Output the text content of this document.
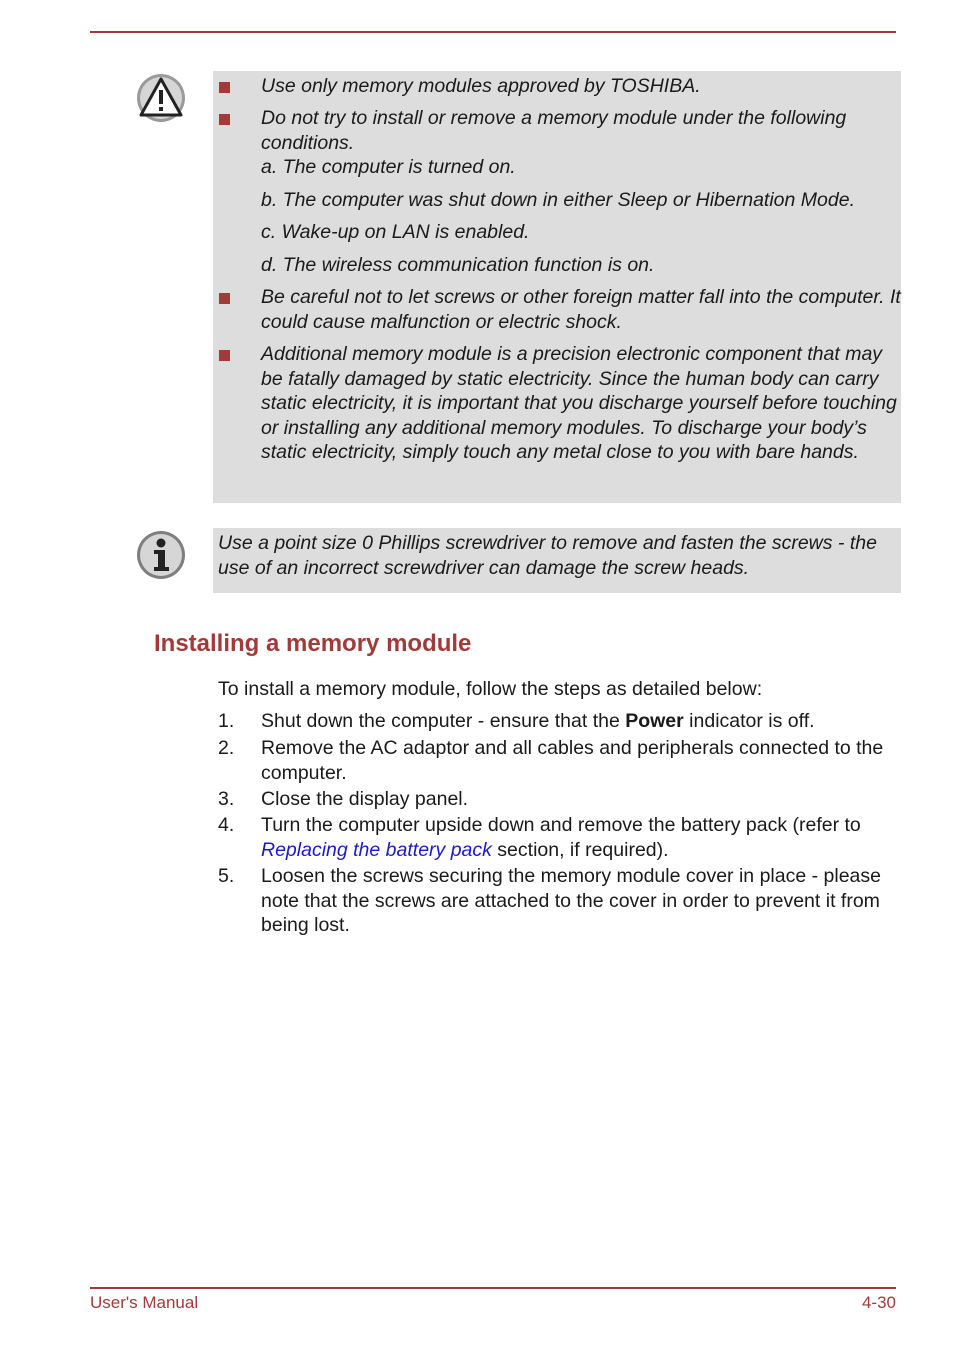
Use only memory modules approved by TOSHIBA.
Do not try to install or remove a memory module under the following conditions.
a. The computer is turned on.
b. The computer was shut down in either Sleep or Hibernation Mode.
c. Wake-up on LAN is enabled.
d. The wireless communication function is on.
Be careful not to let screws or other foreign matter fall into the computer. It could cause malfunction or electric shock.
Additional memory module is a precision electronic component that may be fatally damaged by static electricity. Since the human body can carry static electricity, it is important that you discharge yourself before touching or installing any additional memory modules. To discharge your body’s static electricity, simply touch any metal close to you with bare hands.
Use a point size 0 Phillips screwdriver to remove and fasten the screws - the use of an incorrect screwdriver can damage the screw heads.
Installing a memory module
To install a memory module, follow the steps as detailed below:
1. Shut down the computer - ensure that the Power indicator is off.
2. Remove the AC adaptor and all cables and peripherals connected to the computer.
3. Close the display panel.
4. Turn the computer upside down and remove the battery pack (refer to Replacing the battery pack section, if required).
5. Loosen the screws securing the memory module cover in place - please note that the screws are attached to the cover in order to prevent it from being lost.
User's Manual	4-30
